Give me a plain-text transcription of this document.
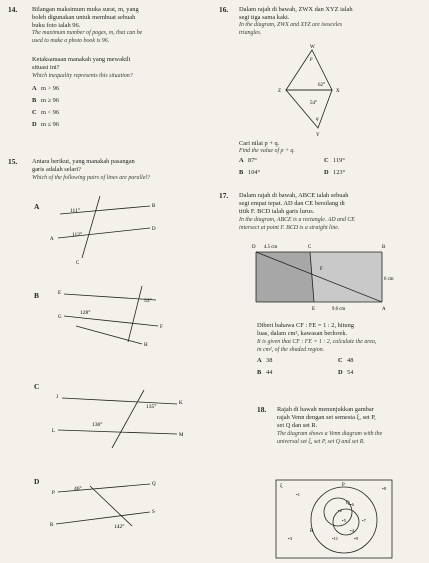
14. Bilangan maksimum muka surat, m, yang
boleh digunakan untuk membuat sebuah
buku foto ialah 96.
The maximum number of pages, m, that can be
used to make a photo book is 96.
Ketaksamaan manakah yang mewakili
situasi ini?
Which inequality represents this situation?
A m > 96
B m ≥ 96
C m < 96
D m ≤ 96
15. Antara berikut, yang manakah pasangan
garis adalah selari?
Which of the following pairs of lines are parallel?
A	111°
112°
B
A
D
C
B
53°
128°
E
G
F
H
C
135°
136°
J
K
L
M
D
46°
142°
P
Q
R
S
16. Dalam rajah di bawah, ZWX dan XYZ ialah
segi tiga sama kaki.
In the diagram, ZWX and XYZ are isosceles
triangles.
W
Z	X
Y
62°
54°
p
q
Cari nilai p + q.
Find the value of p + q.
A 87°	C 119°
B 104°	D 123°
17. Dalam rajah di bawah, ABCE ialah sebuah
segi empat tepat. AD dan CE bersilang di
titik F. BCD ialah garis lurus.
In the diagram, ABCE is a rectangle. AD and CE
intersect at point F. BCD is a straight line.
D 4.5 cm	C	B
F
6 cm
E	9.6 cm	A
Diberi bahawa CF : FE = 1 : 2, hitung
luas, dalam cm², kawasan berlorek.
It is given that CF : FE = 1 : 2, calculate the area,
in cm², of the shaded region.
A 38	C 48
B 44	D 54
18. Rajah di bawah menunjukkan gambar
rajah Venn dengan set semesta ξ, set P,
set Q dan set R.
The diagram shows a Venn diagram with the
universal set ξ, set P, set Q and set R.
ξ	P
Q
R
•1
•8
•2
•5	•7
•6
•4
•3	•11	•9
